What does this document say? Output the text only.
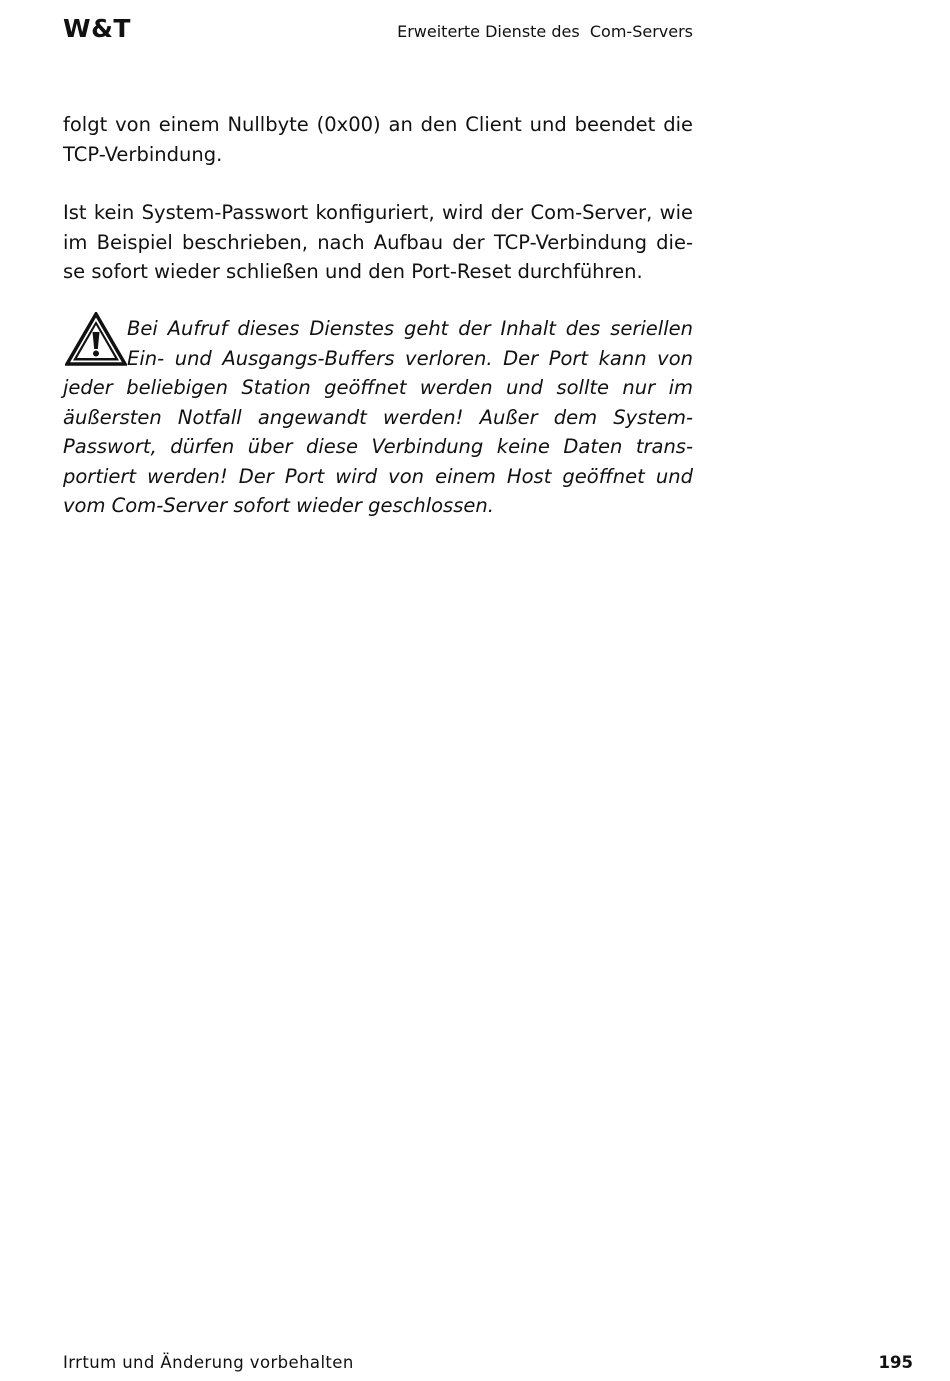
W&T	Erweiterte Dienste des  Com-Servers
folgt von einem Nullbyte (0x00) an den Client und beendet die
TCP-Verbindung.
Ist kein System-Passwort konfiguriert, wird der Com-Server, wie
im Beispiel beschrieben, nach Aufbau der TCP-Verbindung die-
se sofort wieder schließen und den Port-Reset durchführen.
Bei Aufruf dieses Dienstes geht der Inhalt des seriellen
Ein- und Ausgangs-Buffers verloren. Der Port kann von
jeder beliebigen Station geöffnet werden und sollte nur im
äußersten Notfall angewandt werden! Außer dem System-
Passwort, dürfen über diese Verbindung keine Daten trans-
portiert werden! Der Port wird von einem Host geöffnet und
vom Com-Server sofort wieder geschlossen.
Irrtum und Änderung vorbehalten	195
